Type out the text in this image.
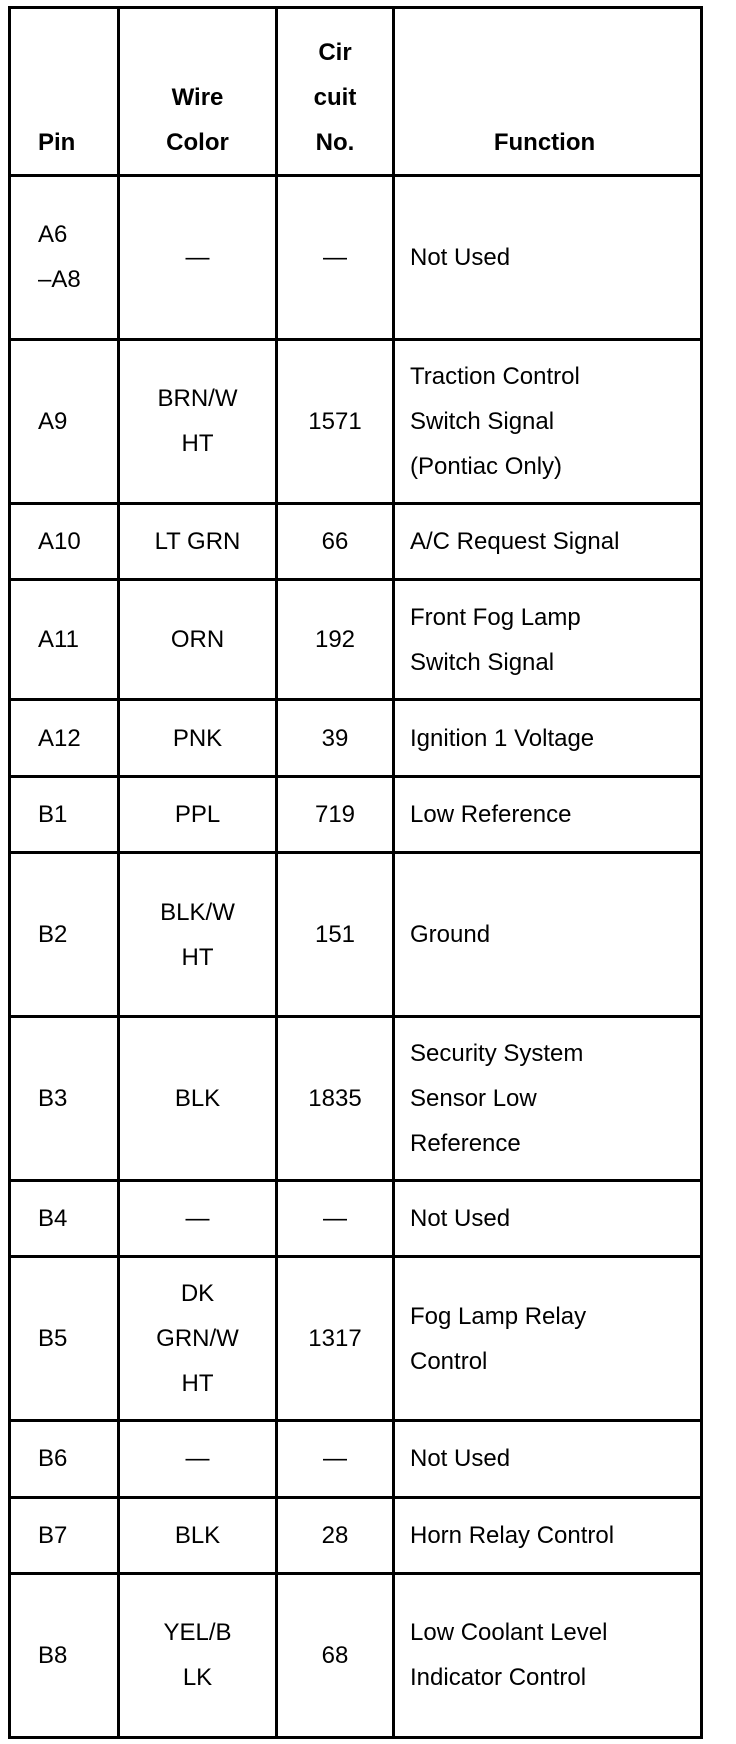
Pin	Wire
Color	Cir
cuit
No.	Function

A6
–A8	—	—	Not Used

A9	BRN/W
HT	1571	Traction Control
Switch Signal
(Pontiac Only)

A10	LT GRN	66	A/C Request Signal

A11	ORN	192	Front Fog Lamp
Switch Signal

A12	PNK	39	Ignition 1 Voltage

B1	PPL	719	Low Reference

B2	BLK/W
HT	151	Ground

B3	BLK	1835	Security System
Sensor Low
Reference

B4	—	—	Not Used

B5	DK
GRN/W
HT	1317	Fog Lamp Relay
Control

B6	—	—	Not Used

B7	BLK	28	Horn Relay Control

B8	YEL/B
LK	68	Low Coolant Level
Indicator Control
